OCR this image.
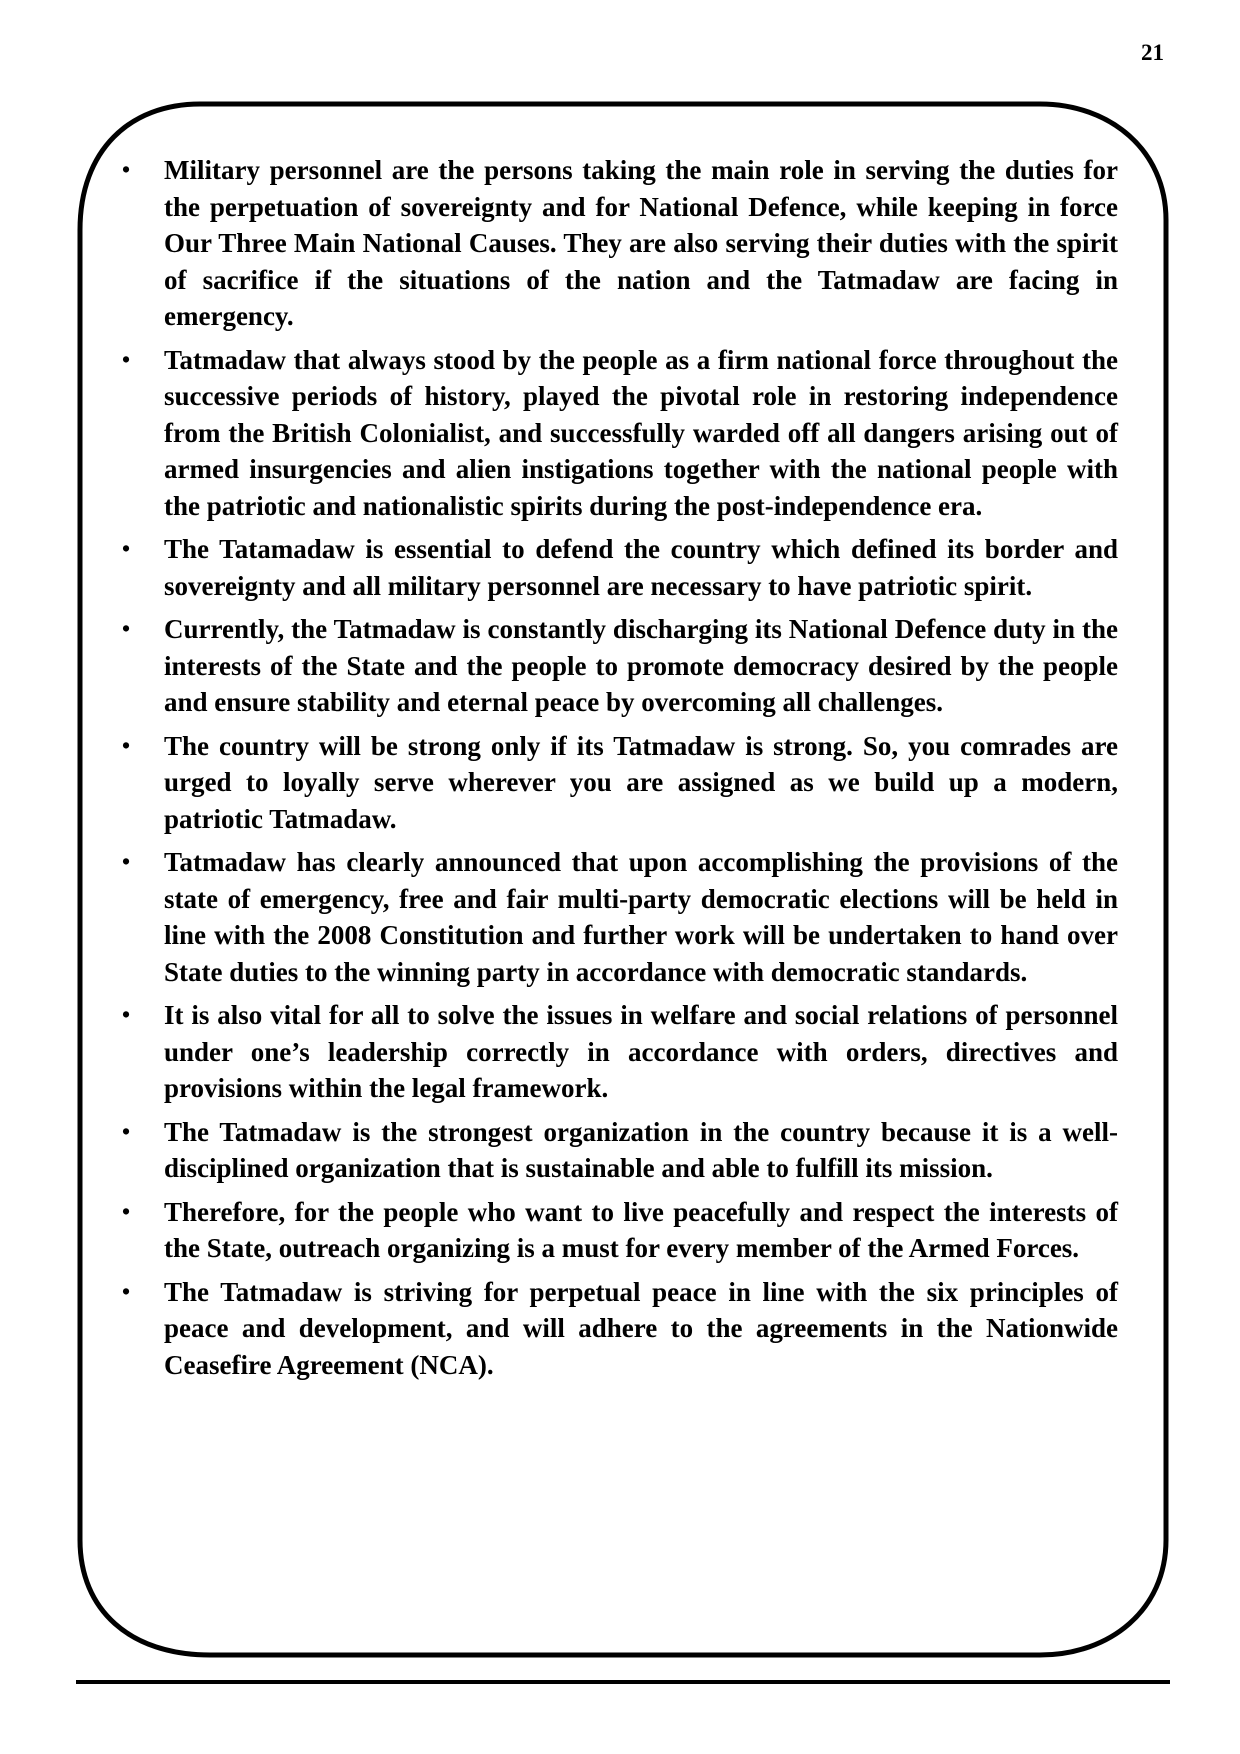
21
• Military personnel are the persons taking the main role in serving the duties for the perpetuation of sovereignty and for National Defence, while keeping in force Our Three Main National Causes. They are also serving their duties with the spirit of sacrifice if the situations of the nation and the Tatmadaw are facing in emergency.
• Tatmadaw that always stood by the people as a firm national force throughout the successive periods of history, played the pivotal role in restoring independence from the British Colonialist, and successfully warded off all dangers arising out of armed insurgencies and alien instigations together with the national people with the patriotic and nationalistic spirits during the post-independence era.
• The Tatamadaw is essential to defend the country which defined its border and sovereignty and all military personnel are necessary to have patriotic spirit.
• Currently, the Tatmadaw is constantly discharging its National Defence duty in the interests of the State and the people to promote democracy desired by the people and ensure stability and eternal peace by overcoming all challenges.
• The country will be strong only if its Tatmadaw is strong. So, you comrades are urged to loyally serve wherever you are assigned as we build up a modern, patriotic Tatmadaw.
• Tatmadaw has clearly announced that upon accomplishing the provisions of the state of emergency, free and fair multi-party democratic elections will be held in line with the 2008 Constitution and further work will be undertaken to hand over State duties to the winning party in accordance with democratic standards.
• It is also vital for all to solve the issues in welfare and social relations of personnel under one’s leadership correctly in accordance with orders, directives and provisions within the legal framework.
• The Tatmadaw is the strongest organization in the country because it is a well-disciplined organization that is sustainable and able to fulfill its mission.
• Therefore, for the people who want to live peacefully and respect the interests of the State, outreach organizing is a must for every member of the Armed Forces.
• The Tatmadaw is striving for perpetual peace in line with the six principles of peace and development, and will adhere to the agreements in the Nationwide Ceasefire Agreement (NCA).
